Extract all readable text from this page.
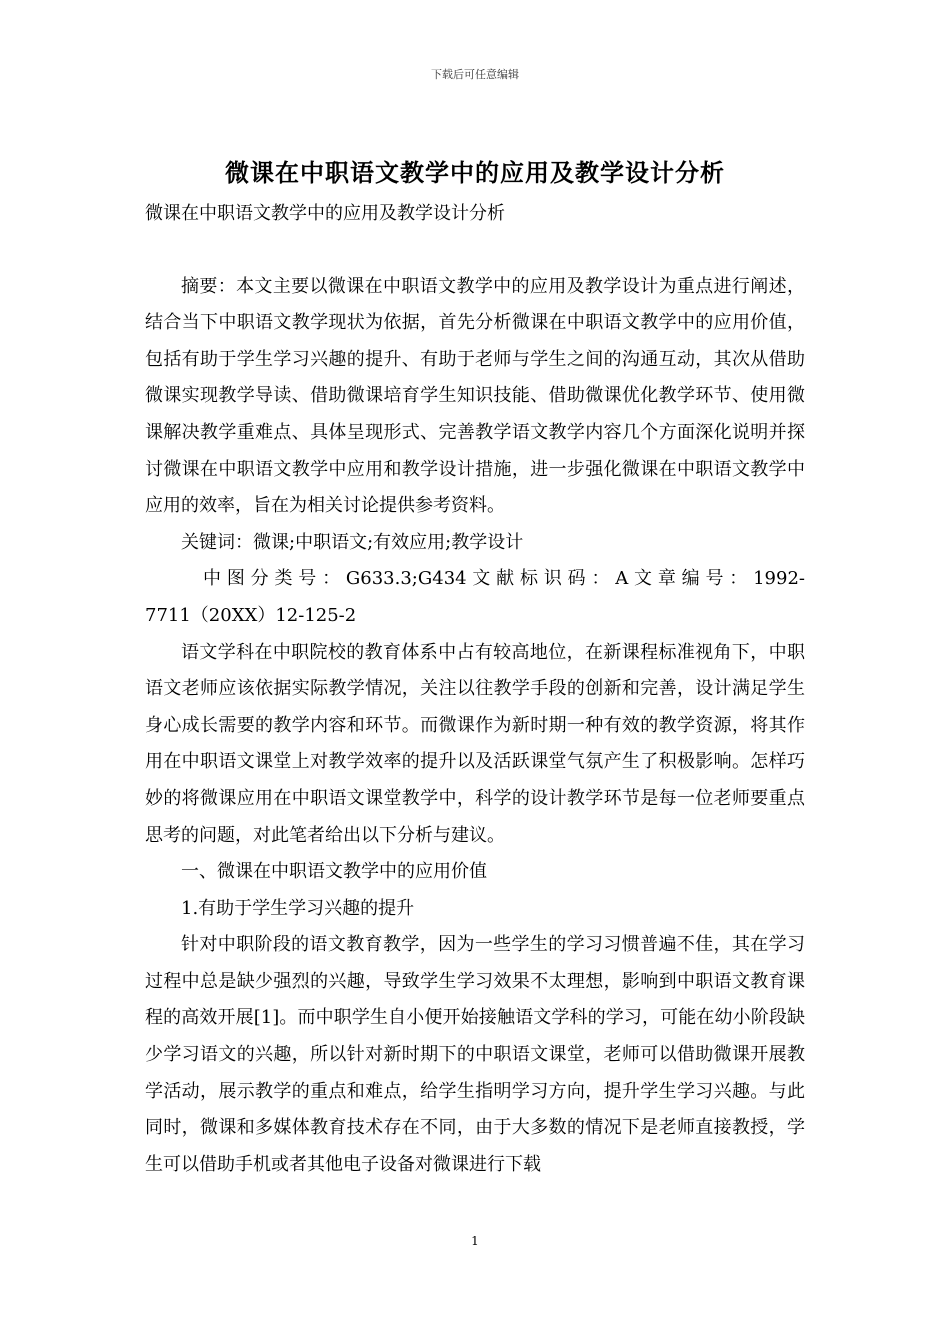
下载后可任意编辑
微课在中职语文教学中的应用及教学设计分析

微课在中职语文教学中的应用及教学设计分析

摘要：本文主要以微课在中职语文教学中的应用及教学设计为重点进行阐述，结合当下中职语文教学现状为依据，首先分析微课在中职语文教学中的应用价值，包括有助于学生学习兴趣的提升、有助于老师与学生之间的沟通互动，其次从借助微课实现教学导读、借助微课培育学生知识技能、借助微课优化教学环节、使用微课解决教学重难点、具体呈现形式、完善教学语文教学内容几个方面深化说明并探讨微课在中职语文教学中应用和教学设计措施，进一步强化微课在中职语文教学中应用的效率，旨在为相关讨论提供参考资料。

关键词：微课;中职语文;有效应用;教学设计

中 图 分 类 号 ： G633.3;G434 文 献 标 识 码 ： A 文 章 编 号 ： 1992-7711（20XX）12-125-2

语文学科在中职院校的教育体系中占有较高地位，在新课程标准视角下，中职语文老师应该依据实际教学情况，关注以往教学手段的创新和完善，设计满足学生身心成长需要的教学内容和环节。而微课作为新时期一种有效的教学资源，将其作用在中职语文课堂上对教学效率的提升以及活跃课堂气氛产生了积极影响。怎样巧妙的将微课应用在中职语文课堂教学中，科学的设计教学环节是每一位老师要重点思考的问题，对此笔者给出以下分析与建议。

一、微课在中职语文教学中的应用价值

1.有助于学生学习兴趣的提升

针对中职阶段的语文教育教学，因为一些学生的学习习惯普遍不佳，其在学习过程中总是缺少强烈的兴趣，导致学生学习效果不太理想，影响到中职语文教育课程的高效开展[1]。而中职学生自小便开始接触语文学科的学习，可能在幼小阶段缺少学习语文的兴趣，所以针对新时期下的中职语文课堂，老师可以借助微课开展教学活动，展示教学的重点和难点，给学生指明学习方向，提升学生学习兴趣。与此同时，微课和多媒体教育技术存在不同，由于大多数的情况下是老师直接教授，学生可以借助手机或者其他电子设备对微课进行下载

1
